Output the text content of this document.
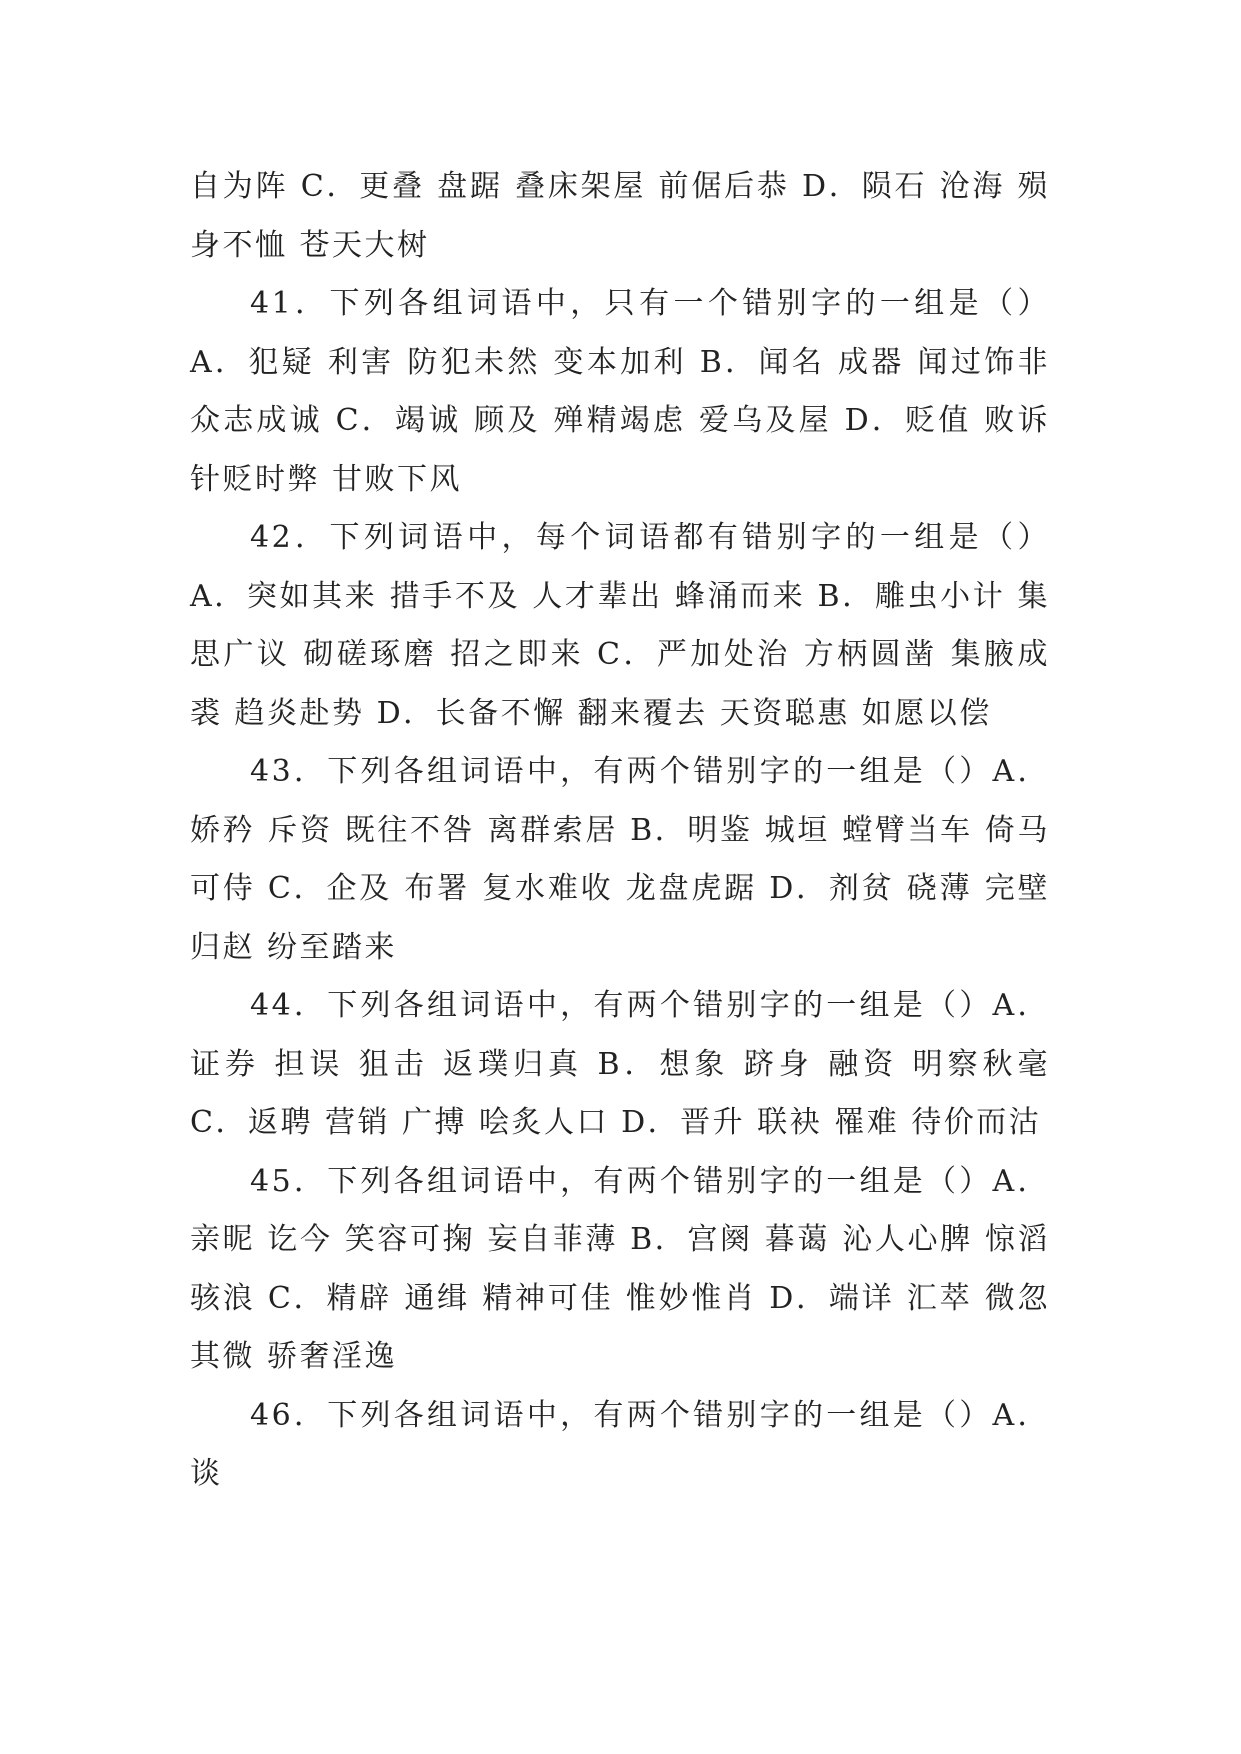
自为阵 C．更叠 盘踞 叠床架屋 前倨后恭 D．陨石 沧海 殒身不恤 苍天大树

41．下列各组词语中，只有一个错别字的一组是（）A．犯疑 利害 防犯未然 变本加利 B．闻名 成器 闻过饰非 众志成诚 C．竭诚 顾及 殚精竭虑 爱乌及屋 D．贬值 败诉 针贬时弊 甘败下风

42．下列词语中，每个词语都有错别字的一组是（）A．突如其来 措手不及 人才辈出 蜂涌而来 B．雕虫小计 集思广议 砌磋琢磨 招之即来 C．严加处治 方柄圆凿 集腋成裘 趋炎赴势 D．长备不懈 翻来覆去 天资聪惠 如愿以偿

43．下列各组词语中，有两个错别字的一组是（）A．娇矜 斥资 既往不咎 离群索居 B．明鉴 城垣 螳臂当车 倚马可侍 C．企及 布署 复水难收 龙盘虎踞 D．剂贫 硗薄 完壁归赵 纷至踏来

44．下列各组词语中，有两个错别字的一组是（）A．证券 担误 狙击 返璞归真 B．想象 跻身 融资 明察秋毫 C．返聘 营销 广搏 哙炙人口 D．晋升 联袂 罹难 待价而沽

45．下列各组词语中，有两个错别字的一组是（）A．亲昵 讫今 笑容可掬 妄自菲薄 B．宫阕 暮蔼 沁人心脾 惊滔骇浪 C．精辟 通缉 精神可佳 惟妙惟肖 D．端详 汇萃 微忽其微 骄奢淫逸

46．下列各组词语中，有两个错别字的一组是（）A．谈
